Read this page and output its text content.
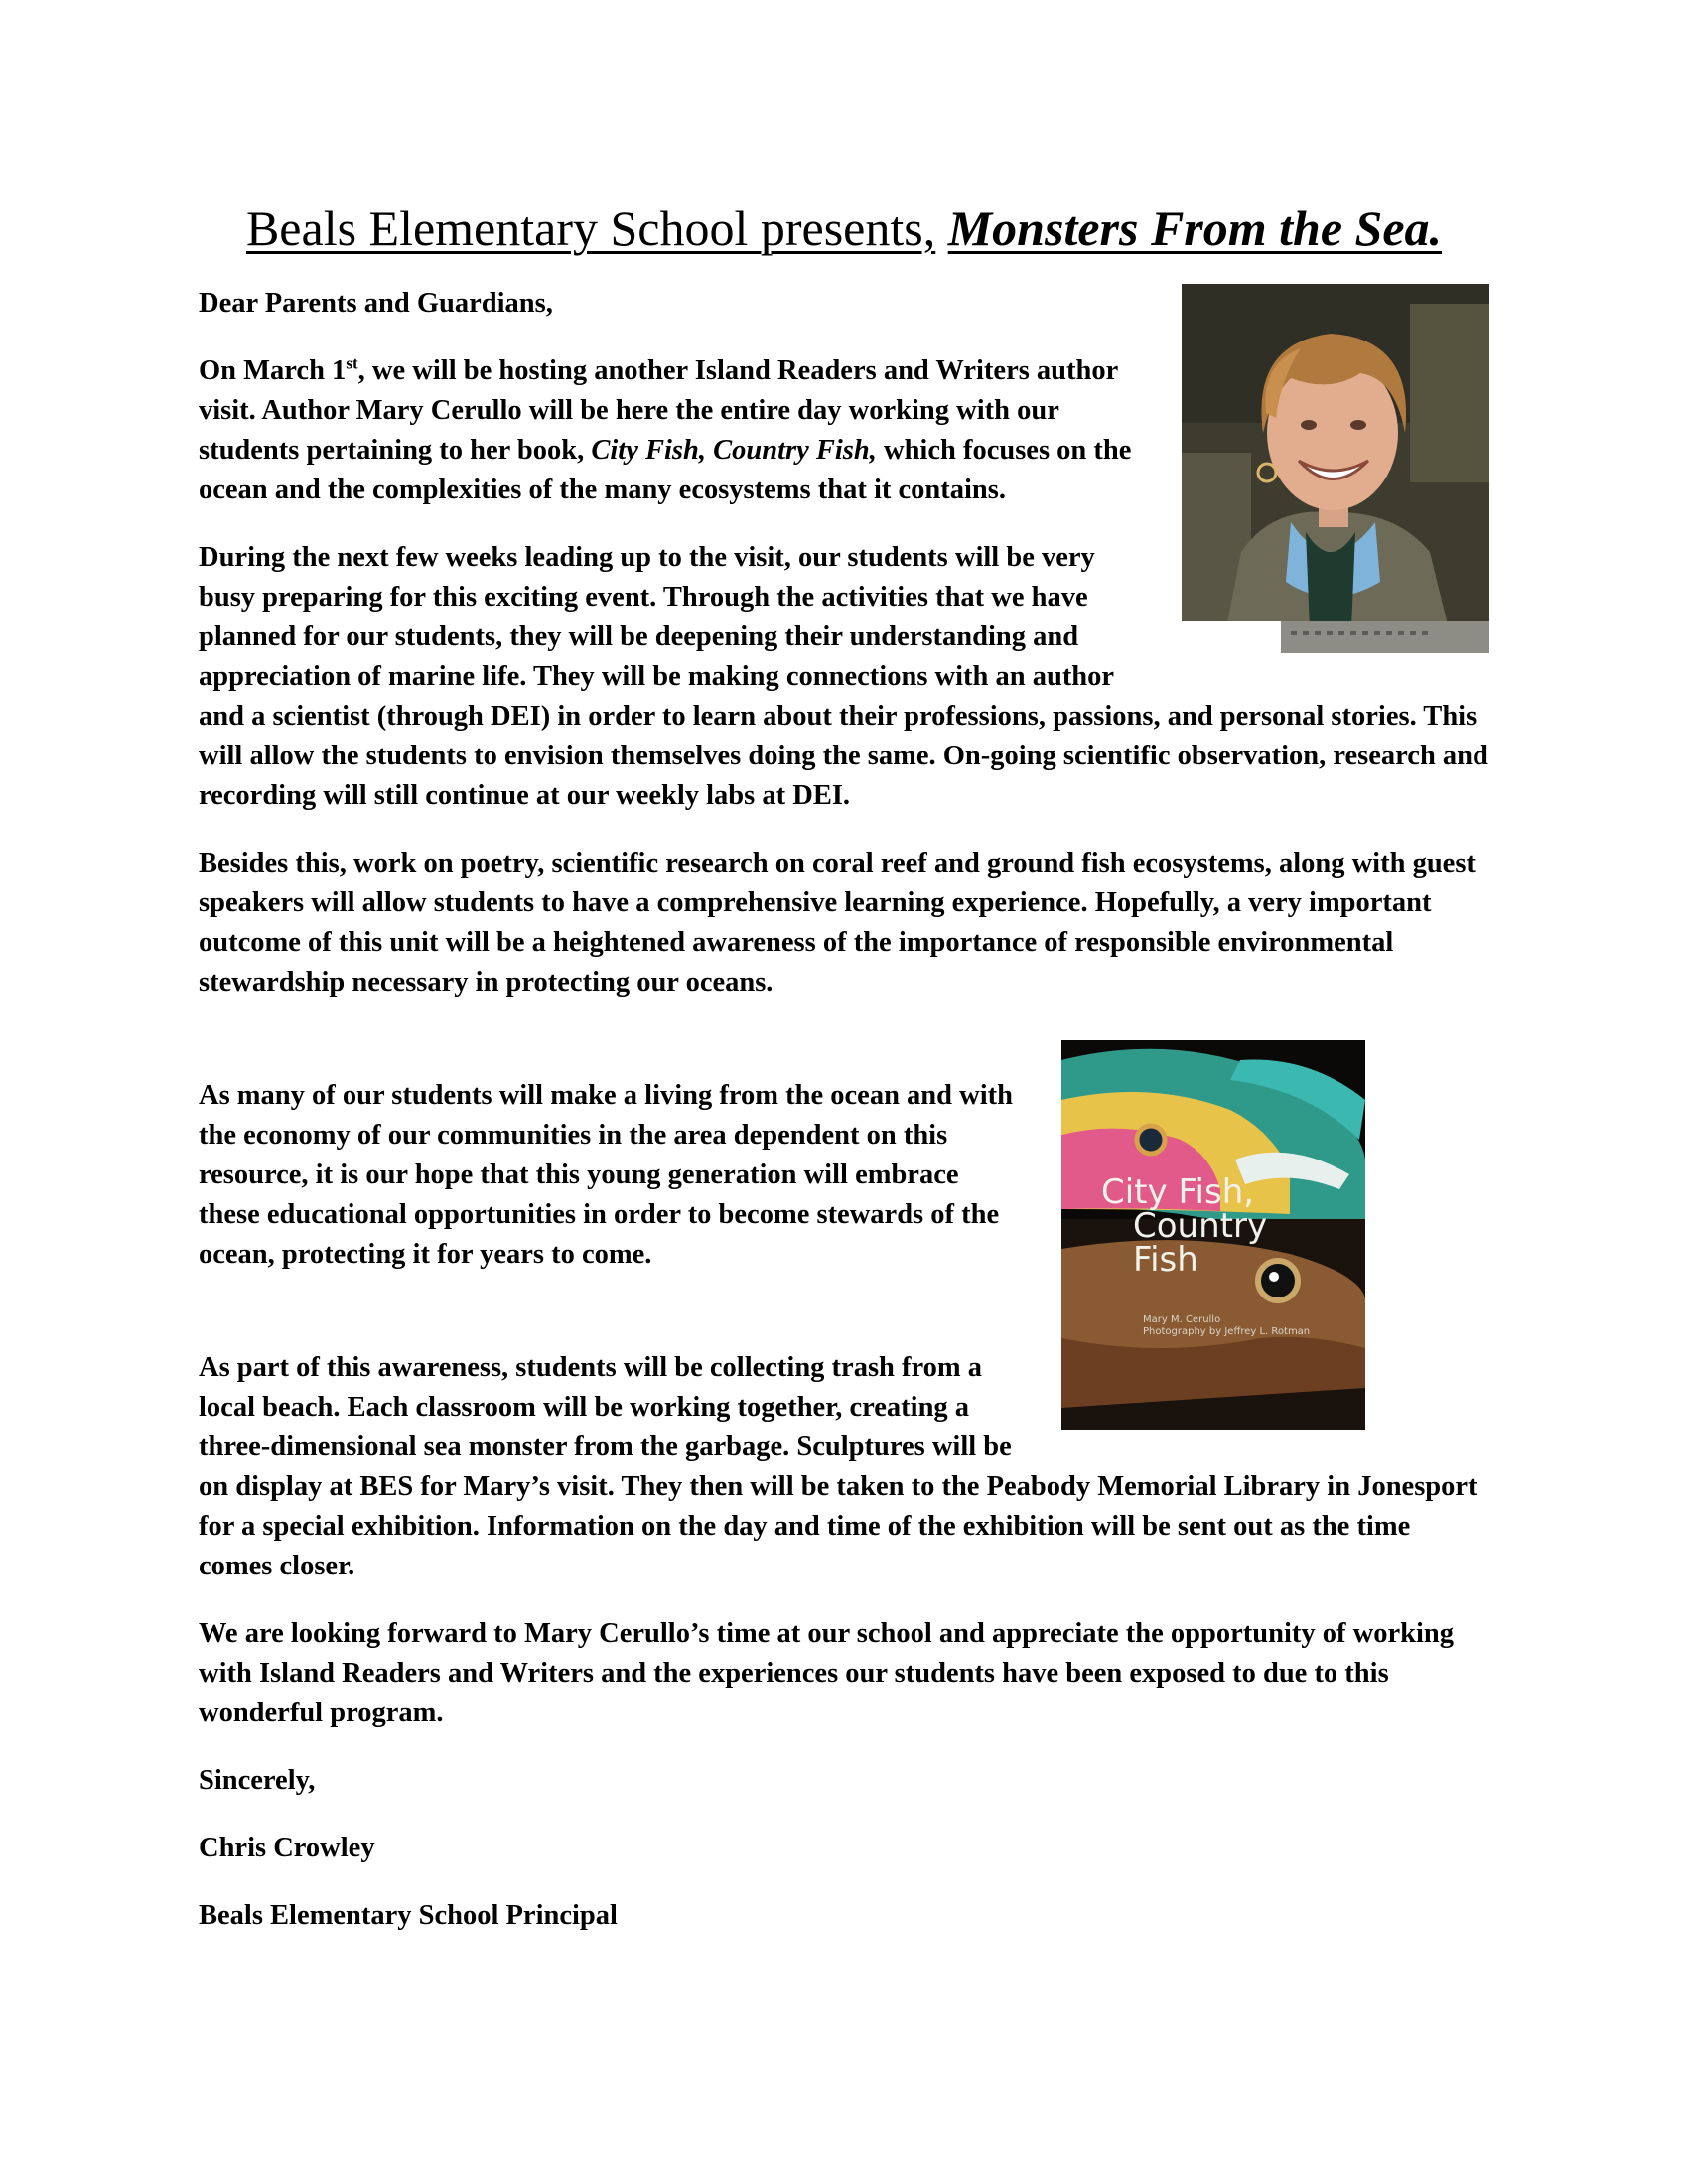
Beals Elementary School presents, Monsters From the Sea.

Dear Parents and Guardians,

On March 1st, we will be hosting another Island Readers and Writers author visit. Author Mary Cerullo will be here the entire day working with our students pertaining to her book, City Fish, Country Fish, which focuses on the ocean and the complexities of the many ecosystems that it contains.

During the next few weeks leading up to the visit, our students will be very busy preparing for this exciting event. Through the activities that we have planned for our students, they will be deepening their understanding and appreciation of marine life. They will be making connections with an author and a scientist (through DEI) in order to learn about their professions, passions, and personal stories. This will allow the students to envision themselves doing the same. On-going scientific observation, research and recording will still continue at our weekly labs at DEI.

Besides this, work on poetry, scientific research on coral reef and ground fish ecosystems, along with guest speakers will allow students to have a comprehensive learning experience. Hopefully, a very important outcome of this unit will be a heightened awareness of the importance of responsible environmental stewardship necessary in protecting our oceans.

City Fish,
Country
Fish
Mary M. Cerullo
Photography by Jeffrey L. Rotman

As many of our students will make a living from the ocean and with the economy of our communities in the area dependent on this resource, it is our hope that this young generation will embrace these educational opportunities in order to become stewards of the ocean, protecting it for years to come.

As part of this awareness, students will be collecting trash from a local beach. Each classroom will be working together, creating a three-dimensional sea monster from the garbage. Sculptures will be on display at BES for Mary’s visit. They then will be taken to the Peabody Memorial Library in Jonesport for a special exhibition. Information on the day and time of the exhibition will be sent out as the time comes closer.

We are looking forward to Mary Cerullo’s time at our school and appreciate the opportunity of working with Island Readers and Writers and the experiences our students have been exposed to due to this wonderful program.

Sincerely,

Chris Crowley

Beals Elementary School Principal
